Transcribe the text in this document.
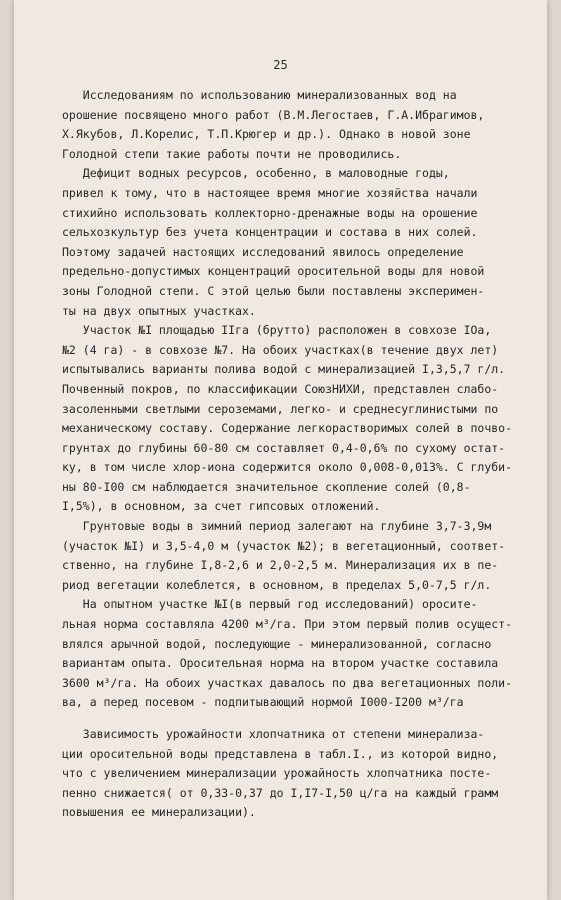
25

Исследованиям по использованию минерализованных вод на
орошение посвящено много работ (В.М.Легостаев, Г.А.Ибрагимов,
Х.Якубов, Л.Корелис, Т.П.Крюгер и др.). Однако в новой зоне
Голодной степи такие работы почти не проводились.

Дефицит водных ресурсов, особенно, в маловодные годы,
привел к тому, что в настоящее время многие хозяйства начали
стихийно использовать коллекторно-дренажные воды на орошение
сельхозкультур без учета концентрации и состава в них солей.
Поэтому задачей настоящих исследований явилось определение
предельно-допустимых концентраций оросительной воды для новой
зоны Голодной степи. С этой целью были поставлены эксперимен-
ты на двух опытных участках.

Участок №I площадью IIга (брутто) расположен в совхозе IOа,
№2 (4 га) - в совхозе №7. На обоих участках(в течение двух лет)
испытывались варианты полива водой с минерализацией I,3,5,7 г/л.
Почвенный покров, по классификации СоюзНИХИ, представлен слабо-
засоленными светлыми сероземами, легко- и среднесуглинистыми по
механическому составу. Содержание легкорастворимых солей в почво-
грунтах до глубины 60-80 см составляет 0,4-0,6% по сухому остат-
ку, в том числе хлор-иона содержится около 0,008-0,013%. С глуби-
ны 80-I00 см наблюдается значительное скопление солей (0,8-
I,5%), в основном, за счет гипсовых отложений.

Грунтовые воды в зимний период залегают на глубине 3,7-3,9м
(участок №I) и 3,5-4,0 м (участок №2); в вегетационный, соответ-
ственно, на глубине I,8-2,6 и 2,0-2,5 м. Минерализация их в пе-
риод вегетации колеблется, в основном, в пределах 5,0-7,5 г/л.

На опытном участке №I(в первый год исследований) оросите-
льная норма составляла 4200 м³/га. При этом первый полив осущест-
влялся арычной водой, последующие - минерализованной, согласно
вариантам опыта. Оросительная норма на втором участке составила
3600 м³/га. На обоих участках давалось по два вегетационных поли-
ва, а перед посевом - подпитывающий нормой I000-I200 м³/га

Зависимость урожайности хлопчатника от степени минерализа-
ции оросительной воды представлена в табл.I., из которой видно,
что с увеличением минерализации урожайность хлопчатника посте-
пенно снижается( от 0,33-0,37 до I,I7-I,50 ц/га на каждый грамм
повышения ее минерализации).
